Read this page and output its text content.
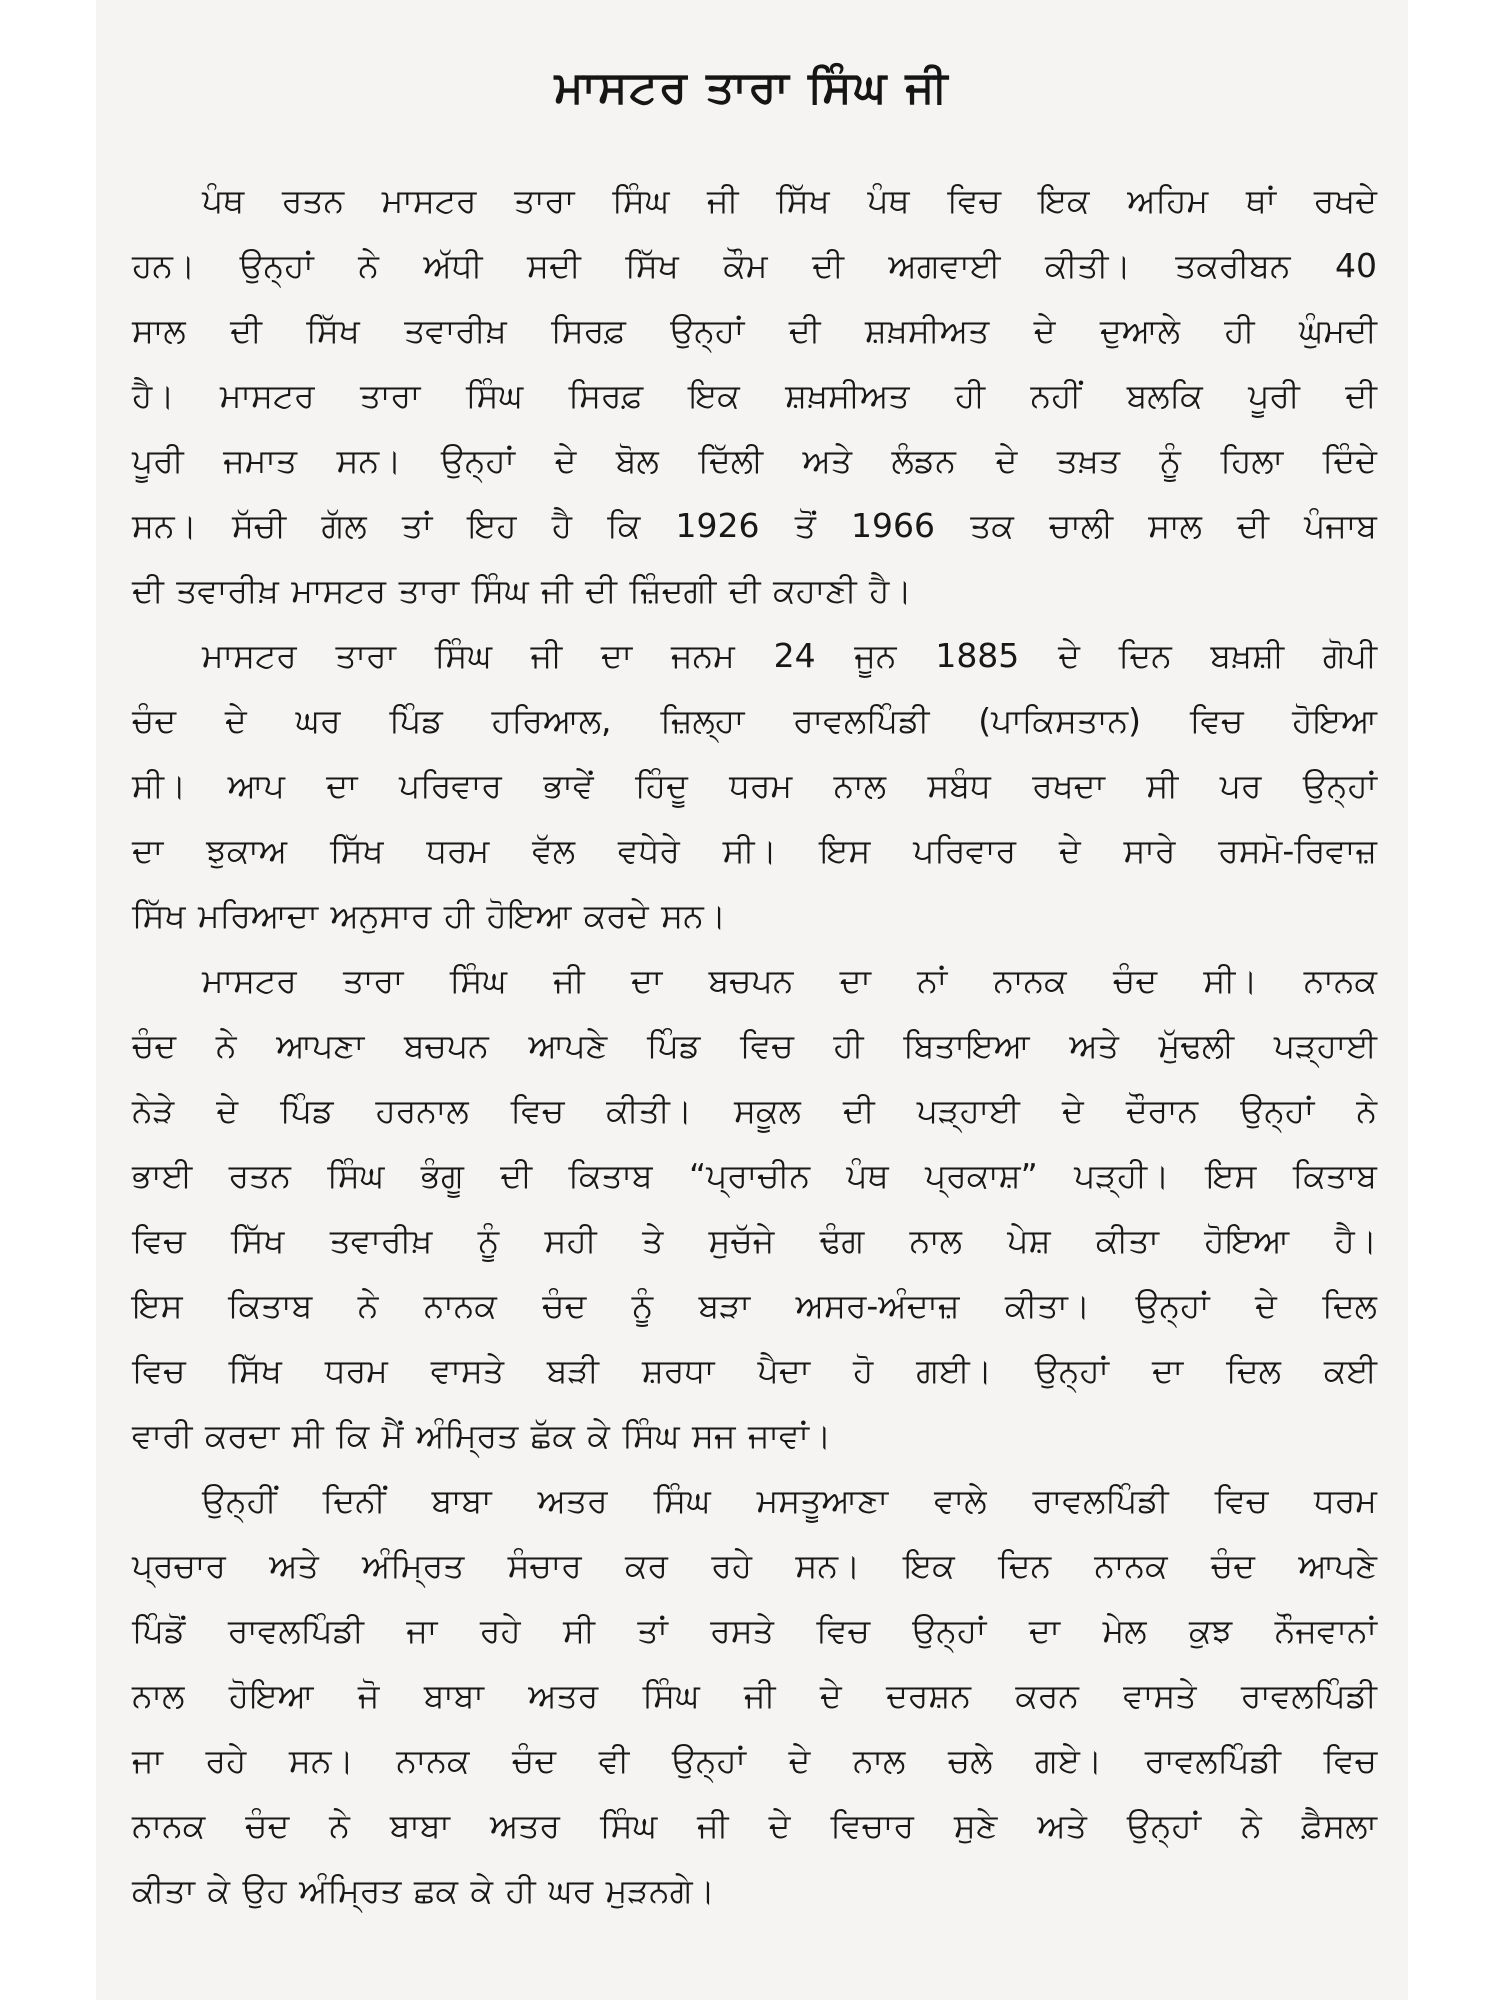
ਮਾਸਟਰ ਤਾਰਾ ਸਿੰਘ ਜੀ
ਪੰਥ ਰਤਨ ਮਾਸਟਰ ਤਾਰਾ ਸਿੰਘ ਜੀ ਸਿੱਖ ਪੰਥ ਵਿਚ ਇਕ ਅਹਿਮ ਥਾਂ ਰਖਦੇ
ਹਨ। ਉਨ੍ਹਾਂ ਨੇ ਅੱਧੀ ਸਦੀ ਸਿੱਖ ਕੌਮ ਦੀ ਅਗਵਾਈ ਕੀਤੀ। ਤਕਰੀਬਨ 40
ਸਾਲ ਦੀ ਸਿੱਖ ਤਵਾਰੀਖ਼ ਸਿਰਫ਼ ਉਨ੍ਹਾਂ ਦੀ ਸ਼ਖ਼ਸੀਅਤ ਦੇ ਦੁਆਲੇ ਹੀ ਘੁੰਮਦੀ
ਹੈ। ਮਾਸਟਰ ਤਾਰਾ ਸਿੰਘ ਸਿਰਫ਼ ਇਕ ਸ਼ਖ਼ਸੀਅਤ ਹੀ ਨਹੀਂ ਬਲਕਿ ਪੂਰੀ ਦੀ
ਪੂਰੀ ਜਮਾਤ ਸਨ। ਉਨ੍ਹਾਂ ਦੇ ਬੋਲ ਦਿੱਲੀ ਅਤੇ ਲੰਡਨ ਦੇ ਤਖ਼ਤ ਨੂੰ ਹਿਲਾ ਦਿੰਦੇ
ਸਨ। ਸੱਚੀ ਗੱਲ ਤਾਂ ਇਹ ਹੈ ਕਿ 1926 ਤੋਂ 1966 ਤਕ ਚਾਲੀ ਸਾਲ ਦੀ ਪੰਜਾਬ
ਦੀ ਤਵਾਰੀਖ਼ ਮਾਸਟਰ ਤਾਰਾ ਸਿੰਘ ਜੀ ਦੀ ਜ਼ਿੰਦਗੀ ਦੀ ਕਹਾਣੀ ਹੈ।
ਮਾਸਟਰ ਤਾਰਾ ਸਿੰਘ ਜੀ ਦਾ ਜਨਮ 24 ਜੂਨ 1885 ਦੇ ਦਿਨ ਬਖ਼ਸ਼ੀ ਗੋਪੀ
ਚੰਦ ਦੇ ਘਰ ਪਿੰਡ ਹਰਿਆਲ, ਜ਼ਿਲ੍ਹਾ ਰਾਵਲਪਿੰਡੀ (ਪਾਕਿਸਤਾਨ) ਵਿਚ ਹੋਇਆ
ਸੀ। ਆਪ ਦਾ ਪਰਿਵਾਰ ਭਾਵੇਂ ਹਿੰਦੂ ਧਰਮ ਨਾਲ ਸਬੰਧ ਰਖਦਾ ਸੀ ਪਰ ਉਨ੍ਹਾਂ
ਦਾ ਝੁਕਾਅ ਸਿੱਖ ਧਰਮ ਵੱਲ ਵਧੇਰੇ ਸੀ। ਇਸ ਪਰਿਵਾਰ ਦੇ ਸਾਰੇ ਰਸਮੋ-ਰਿਵਾਜ਼
ਸਿੱਖ ਮਰਿਆਦਾ ਅਨੁਸਾਰ ਹੀ ਹੋਇਆ ਕਰਦੇ ਸਨ।
ਮਾਸਟਰ ਤਾਰਾ ਸਿੰਘ ਜੀ ਦਾ ਬਚਪਨ ਦਾ ਨਾਂ ਨਾਨਕ ਚੰਦ ਸੀ। ਨਾਨਕ
ਚੰਦ ਨੇ ਆਪਣਾ ਬਚਪਨ ਆਪਣੇ ਪਿੰਡ ਵਿਚ ਹੀ ਬਿਤਾਇਆ ਅਤੇ ਮੁੱਢਲੀ ਪੜ੍ਹਾਈ
ਨੇੜੇ ਦੇ ਪਿੰਡ ਹਰਨਾਲ ਵਿਚ ਕੀਤੀ। ਸਕੂਲ ਦੀ ਪੜ੍ਹਾਈ ਦੇ ਦੌਰਾਨ ਉਨ੍ਹਾਂ ਨੇ
ਭਾਈ ਰਤਨ ਸਿੰਘ ਭੰਗੂ ਦੀ ਕਿਤਾਬ “ਪ੍ਰਾਚੀਨ ਪੰਥ ਪ੍ਰਕਾਸ਼” ਪੜ੍ਹੀ। ਇਸ ਕਿਤਾਬ
ਵਿਚ ਸਿੱਖ ਤਵਾਰੀਖ਼ ਨੂੰ ਸਹੀ ਤੇ ਸੁਚੱਜੇ ਢੰਗ ਨਾਲ ਪੇਸ਼ ਕੀਤਾ ਹੋਇਆ ਹੈ।
ਇਸ ਕਿਤਾਬ ਨੇ ਨਾਨਕ ਚੰਦ ਨੂੰ ਬੜਾ ਅਸਰ-ਅੰਦਾਜ਼ ਕੀਤਾ। ਉਨ੍ਹਾਂ ਦੇ ਦਿਲ
ਵਿਚ ਸਿੱਖ ਧਰਮ ਵਾਸਤੇ ਬੜੀ ਸ਼ਰਧਾ ਪੈਦਾ ਹੋ ਗਈ। ਉਨ੍ਹਾਂ ਦਾ ਦਿਲ ਕਈ
ਵਾਰੀ ਕਰਦਾ ਸੀ ਕਿ ਮੈਂ ਅੰਮ੍ਰਿਤ ਛੱਕ ਕੇ ਸਿੰਘ ਸਜ ਜਾਵਾਂ।
ਉਨ੍ਹੀਂ ਦਿਨੀਂ ਬਾਬਾ ਅਤਰ ਸਿੰਘ ਮਸਤੂਆਣਾ ਵਾਲੇ ਰਾਵਲਪਿੰਡੀ ਵਿਚ ਧਰਮ
ਪ੍ਰਚਾਰ ਅਤੇ ਅੰਮ੍ਰਿਤ ਸੰਚਾਰ ਕਰ ਰਹੇ ਸਨ। ਇਕ ਦਿਨ ਨਾਨਕ ਚੰਦ ਆਪਣੇ
ਪਿੰਡੋਂ ਰਾਵਲਪਿੰਡੀ ਜਾ ਰਹੇ ਸੀ ਤਾਂ ਰਸਤੇ ਵਿਚ ਉਨ੍ਹਾਂ ਦਾ ਮੇਲ ਕੁਝ ਨੌਜਵਾਨਾਂ
ਨਾਲ ਹੋਇਆ ਜੋ ਬਾਬਾ ਅਤਰ ਸਿੰਘ ਜੀ ਦੇ ਦਰਸ਼ਨ ਕਰਨ ਵਾਸਤੇ ਰਾਵਲਪਿੰਡੀ
ਜਾ ਰਹੇ ਸਨ। ਨਾਨਕ ਚੰਦ ਵੀ ਉਨ੍ਹਾਂ ਦੇ ਨਾਲ ਚਲੇ ਗਏ। ਰਾਵਲਪਿੰਡੀ ਵਿਚ
ਨਾਨਕ ਚੰਦ ਨੇ ਬਾਬਾ ਅਤਰ ਸਿੰਘ ਜੀ ਦੇ ਵਿਚਾਰ ਸੁਣੇ ਅਤੇ ਉਨ੍ਹਾਂ ਨੇ ਫ਼ੈਸਲਾ
ਕੀਤਾ ਕੇ ਉਹ ਅੰਮ੍ਰਿਤ ਛਕ ਕੇ ਹੀ ਘਰ ਮੁੜਨਗੇ।
